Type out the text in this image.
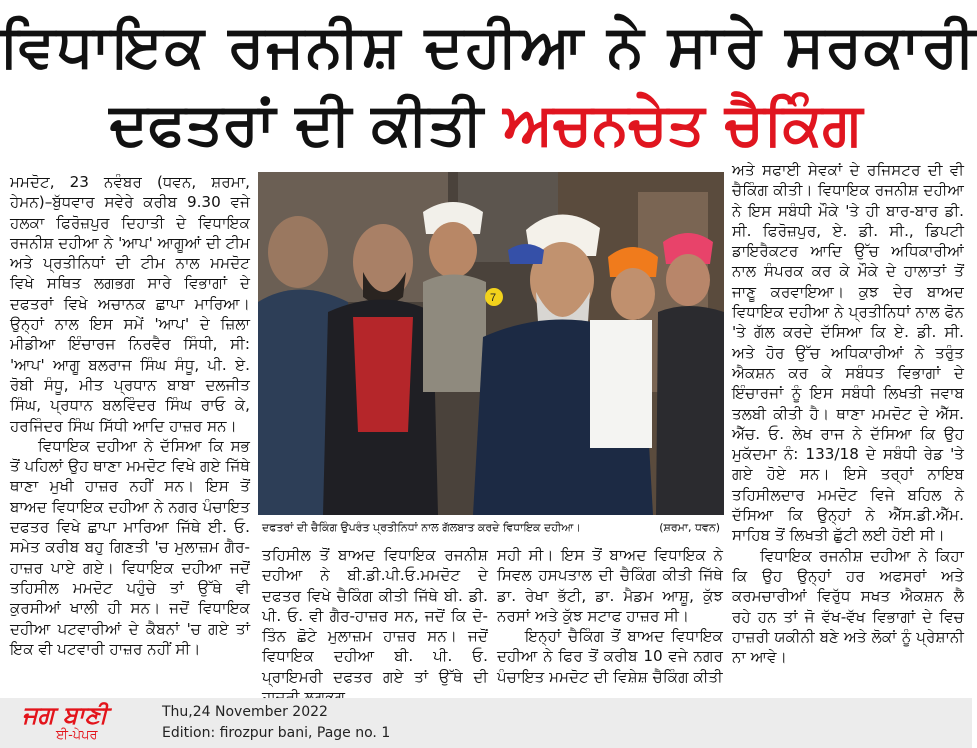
ਵਿਧਾਇਕ ਰਜਨੀਸ਼ ਦਹੀਆ ਨੇ ਸਾਰੇ ਸਰਕਾਰੀ
ਦਫਤਰਾਂ ਦੀ ਕੀਤੀ ਅਚਨਚੇਤ ਚੈਕਿੰਗ

ਮਮਦੋਟ, 23 ਨਵੰਬਰ (ਧਵਨ, ਸ਼ਰਮਾ, ਹੇਮਨ)–ਬੁੱਧਵਾਰ ਸਵੇਰੇ ਕਰੀਬ 9.30 ਵਜੇ ਹਲਕਾ ਫਿਰੋਜ਼ਪੁਰ ਦਿਹਾਤੀ ਦੇ ਵਿਧਾਇਕ ਰਜਨੀਸ਼ ਦਹੀਆ ਨੇ 'ਆਪ' ਆਗੂਆਂ ਦੀ ਟੀਮ ਅਤੇ ਪ੍ਰਤੀਨਿਧਾਂ ਦੀ ਟੀਮ ਨਾਲ ਮਮਦੋਟ ਵਿਖੇ ਸਥਿਤ ਲਗਭਗ ਸਾਰੇ ਵਿਭਾਗਾਂ ਦੇ ਦਫਤਰਾਂ ਵਿਖੇ ਅਚਾਨਕ ਛਾਪਾ ਮਾਰਿਆ। ਉਨ੍ਹਾਂ ਨਾਲ ਇਸ ਸਮੇਂ 'ਆਪ' ਦੇ ਜ਼ਿਲਾ ਮੀਡੀਆ ਇੰਚਾਰਜ ਨਿਰਵੈਰ ਸਿੰਧੀ, ਸੀ: 'ਆਪ' ਆਗੂ ਬਲਰਾਜ ਸਿੰਘ ਸੰਧੂ, ਪੀ. ਏ. ਰੋਬੀ ਸੰਧੂ, ਮੀਤ ਪ੍ਰਧਾਨ ਬਾਬਾ ਦਲਜੀਤ ਸਿੰਘ, ਪ੍ਰਧਾਨ ਬਲਵਿੰਦਰ ਸਿੰਘ ਰਾਓ ਕੇ, ਹਰਜਿੰਦਰ ਸਿੰਘ ਸਿੱਧੀ ਆਦਿ ਹਾਜ਼ਰ ਸਨ।

ਵਿਧਾਇਕ ਦਹੀਆ ਨੇ ਦੱਸਿਆ ਕਿ ਸਭ ਤੋਂ ਪਹਿਲਾਂ ਉਹ ਥਾਣਾ ਮਮਦੋਟ ਵਿਖੇ ਗਏ ਜਿੱਥੇ ਥਾਣਾ ਮੁਖੀ ਹਾਜ਼ਰ ਨਹੀਂ ਸਨ। ਇਸ ਤੋਂ ਬਾਅਦ ਵਿਧਾਇਕ ਦਹੀਆ ਨੇ ਨਗਰ ਪੰਚਾਇਤ ਦਫਤਰ ਵਿਖੇ ਛਾਪਾ ਮਾਰਿਆ ਜਿੱਥੇ ਈ. ਓ. ਸਮੇਤ ਕਰੀਬ ਬਹੁ ਗਿਣਤੀ 'ਚ ਮੁਲਾਜ਼ਮ ਗੈਰ-ਹਾਜ਼ਰ ਪਾਏ ਗਏ। ਵਿਧਾਇਕ ਦਹੀਆ ਜਦੋਂ ਤਹਿਸੀਲ ਮਮਦੋਟ ਪਹੁੰਚੇ ਤਾਂ ਉੱਥੇ ਵੀ ਕੁਰਸੀਆਂ ਖਾਲੀ ਹੀ ਸਨ। ਜਦੋਂ ਵਿਧਾਇਕ ਦਹੀਆ ਪਟਵਾਰੀਆਂ ਦੇ ਕੈਬਨਾਂ 'ਚ ਗਏ ਤਾਂ ਇਕ ਵੀ ਪਟਵਾਰੀ ਹਾਜ਼ਰ ਨਹੀਂ ਸੀ।

7
ਦਫਤਰਾਂ ਦੀ ਚੈਕਿੰਗ ਉਪਰੰਤ ਪ੍ਰਤੀਨਿਧਾਂ ਨਾਲ ਗੱਲਬਾਤ ਕਰਦੇ ਵਿਧਾਇਕ ਦਹੀਆ।	(ਸ਼ਰਮਾ, ਧਵਨ)

ਤਹਿਸੀਲ ਤੋਂ ਬਾਅਦ ਵਿਧਾਇਕ ਰਜਨੀਸ਼ ਦਹੀਆ ਨੇ ਬੀ.ਡੀ.ਪੀ.ਓ.ਮਮਦੋਟ ਦੇ ਦਫਤਰ ਵਿਖੇ ਚੈਕਿੰਗ ਕੀਤੀ ਜਿੱਥੇ ਬੀ. ਡੀ. ਪੀ. ਓ. ਵੀ ਗੈਰ-ਹਾਜ਼ਰ ਸਨ, ਜਦੋਂ ਕਿ ਦੋ-ਤਿੰਨ ਛੋਟੇ ਮੁਲਾਜ਼ਮ ਹਾਜ਼ਰ ਸਨ। ਜਦੋਂ ਵਿਧਾਇਕ ਦਹੀਆ ਬੀ. ਪੀ. ਓ. ਪ੍ਰਾਇਮਰੀ ਦਫਤਰ ਗਏ ਤਾਂ ਉੱਥੇ ਦੀ

ਸਹੀ ਸੀ। ਇਸ ਤੋਂ ਬਾਅਦ ਵਿਧਾਇਕ ਨੇ ਸਿਵਲ ਹਸਪਤਾਲ ਦੀ ਚੈਕਿੰਗ ਕੀਤੀ ਜਿੱਥੇ ਡਾ. ਰੇਖਾ ਭੱਟੀ, ਡਾ. ਮੈਡਮ ਆਸ਼ੂ, ਕੁੱਝ ਨਰਸਾਂ ਅਤੇ ਕੁੱਝ ਸਟਾਫ ਹਾਜ਼ਰ ਸੀ।

ਇਨ੍ਹਾਂ ਚੈਕਿੰਗ ਤੋਂ ਬਾਅਦ ਵਿਧਾਇਕ ਦਹੀਆ ਨੇ ਫਿਰ ਤੋਂ ਕਰੀਬ 10 ਵਜੇ ਨਗਰ ਪੰਚਾਇਤ ਮਮਦੋਟ ਦੀ ਵਿਸ਼ੇਸ਼ ਚੈਕਿੰਗ ਕੀਤੀ

ਅਤੇ ਸਫਾਈ ਸੇਵਕਾਂ ਦੇ ਰਜਿਸਟਰ ਦੀ ਵੀ ਚੈਕਿੰਗ ਕੀਤੀ। ਵਿਧਾਇਕ ਰਜਨੀਸ਼ ਦਹੀਆ ਨੇ ਇਸ ਸਬੰਧੀ ਮੌਕੇ 'ਤੇ ਹੀ ਬਾਰ-ਬਾਰ ਡੀ. ਸੀ. ਫਿਰੋਜ਼ਪੁਰ, ਏ. ਡੀ. ਸੀ., ਡਿਪਟੀ ਡਾਇਰੈਕਟਰ ਆਦਿ ਉੱਚ ਅਧਿਕਾਰੀਆਂ ਨਾਲ ਸੰਪਰਕ ਕਰ ਕੇ ਮੌਕੇ ਦੇ ਹਾਲਾਤਾਂ ਤੋਂ ਜਾਣੂ ਕਰਵਾਇਆ। ਕੁਝ ਦੇਰ ਬਾਅਦ ਵਿਧਾਇਕ ਦਹੀਆ ਨੇ ਪ੍ਰਤੀਨਿਧਾਂ ਨਾਲ ਫੋਨ 'ਤੇ ਗੱਲ ਕਰਦੇ ਦੱਸਿਆ ਕਿ ਏ. ਡੀ. ਸੀ. ਅਤੇ ਹੋਰ ਉੱਚ ਅਧਿਕਾਰੀਆਂ ਨੇ ਤਰੁੰਤ ਐਕਸ਼ਨ ਕਰ ਕੇ ਸਬੰਧਤ ਵਿਭਾਗਾਂ ਦੇ ਇੰਚਾਰਜਾਂ ਨੂੰ ਇਸ ਸਬੰਧੀ ਲਿਖਤੀ ਜਵਾਬ ਤਲਬੀ ਕੀਤੀ ਹੈ। ਥਾਣਾ ਮਮਦੋਟ ਦੇ ਐੱਸ. ਐੱਚ. ਓ. ਲੇਖ ਰਾਜ ਨੇ ਦੱਸਿਆ ਕਿ ਉਹ ਮੁਕੱਦਮਾ ਨੰ: 133/18 ਦੇ ਸਬੰਧੀ ਰੇਡ 'ਤੇ ਗਏ ਹੋਏ ਸਨ। ਇਸੇ ਤਰ੍ਹਾਂ ਨਾਇਬ ਤਹਿਸੀਲਦਾਰ ਮਮਦੋਟ ਵਿਜੇ ਬਹਿਲ ਨੇ ਦੱਸਿਆ ਕਿ ਉਨ੍ਹਾਂ ਨੇ ਐੱਸ.ਡੀ.ਐੱਮ. ਸਾਹਿਬ ਤੋਂ ਲਿਖਤੀ ਛੁੱਟੀ ਲਈ ਹੋਈ ਸੀ।

ਵਿਧਾਇਕ ਰਜਨੀਸ਼ ਦਹੀਆ ਨੇ ਕਿਹਾ ਕਿ ਉਹ ਉਨ੍ਹਾਂ ਹਰ ਅਫਸਰਾਂ ਅਤੇ ਕਰਮਚਾਰੀਆਂ ਵਿਰੁੱਧ ਸਖਤ ਐਕਸ਼ਨ ਲੈ ਰਹੇ ਹਨ ਤਾਂ ਜੋ ਵੱਖ-ਵੱਖ ਵਿਭਾਗਾਂ ਦੇ ਵਿਚ ਹਾਜ਼ਰੀ ਯਕੀਨੀ ਬਣੇ ਅਤੇ ਲੋਕਾਂ ਨੂੰ ਪ੍ਰੇਸ਼ਾਨੀ ਨਾ ਆਵੇ।

ਜਗ ਬਾਣੀ
ਈ-ਪੇਪਰ
Thu,24 November 2022
Edition: firozpur bani, Page no. 1
